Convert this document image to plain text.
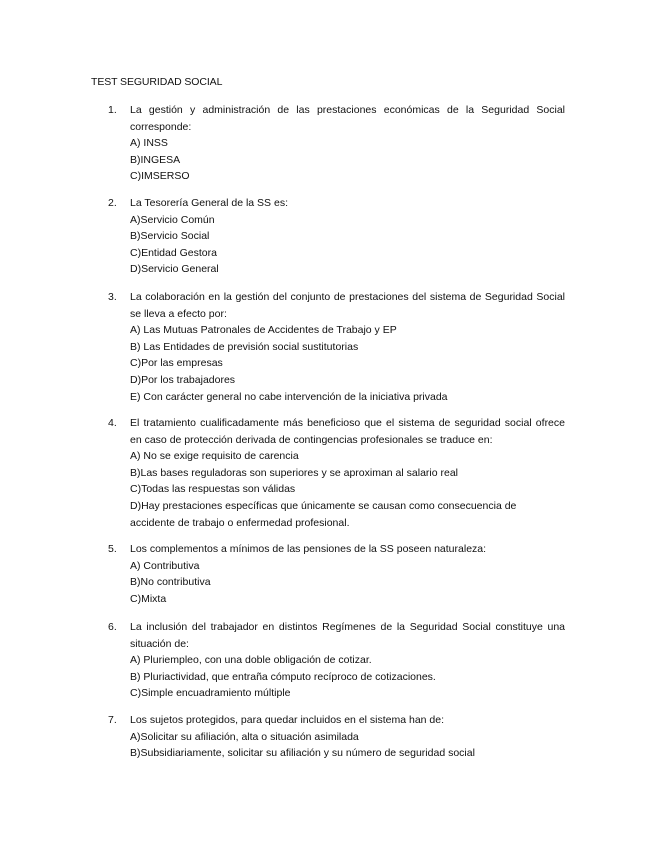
TEST SEGURIDAD SOCIAL
1. La gestión y administración de las prestaciones económicas de la Seguridad Social corresponde:

A) INSS

B)INGESA

C)IMSERSO

2. La Tesorería General de la SS es:

A)Servicio Común

B)Servicio Social

C)Entidad Gestora

D)Servicio General

3. La colaboración en la gestión del conjunto de prestaciones del sistema de Seguridad Social se lleva a efecto por:

A) Las Mutuas Patronales de Accidentes de Trabajo y EP

B) Las Entidades de previsión social sustitutorias

C)Por las empresas

D)Por los trabajadores

E) Con carácter general no cabe intervención de la iniciativa privada

4. El tratamiento cualificadamente más beneficioso que el sistema de seguridad social ofrece en caso de protección derivada de contingencias profesionales se traduce en:

A) No se exige requisito de carencia

B)Las bases reguladoras son superiores y se aproximan al salario real

C)Todas las respuestas son válidas

D)Hay prestaciones específicas que únicamente se causan como consecuencia de

accidente de trabajo o enfermedad profesional.

5. Los complementos a mínimos de las pensiones de la SS poseen naturaleza:

A) Contributiva

B)No contributiva

C)Mixta

6. La inclusión del trabajador en distintos Regímenes de la Seguridad Social constituye una situación de:

A) Pluriempleo, con una doble obligación de cotizar.

B) Pluriactividad, que entraña cómputo recíproco de cotizaciones.

C)Simple encuadramiento múltiple

7. Los sujetos protegidos, para quedar incluidos en el sistema han de:

A)Solicitar su afiliación, alta o situación asimilada

B)Subsidiariamente, solicitar su afiliación y su número de seguridad social
